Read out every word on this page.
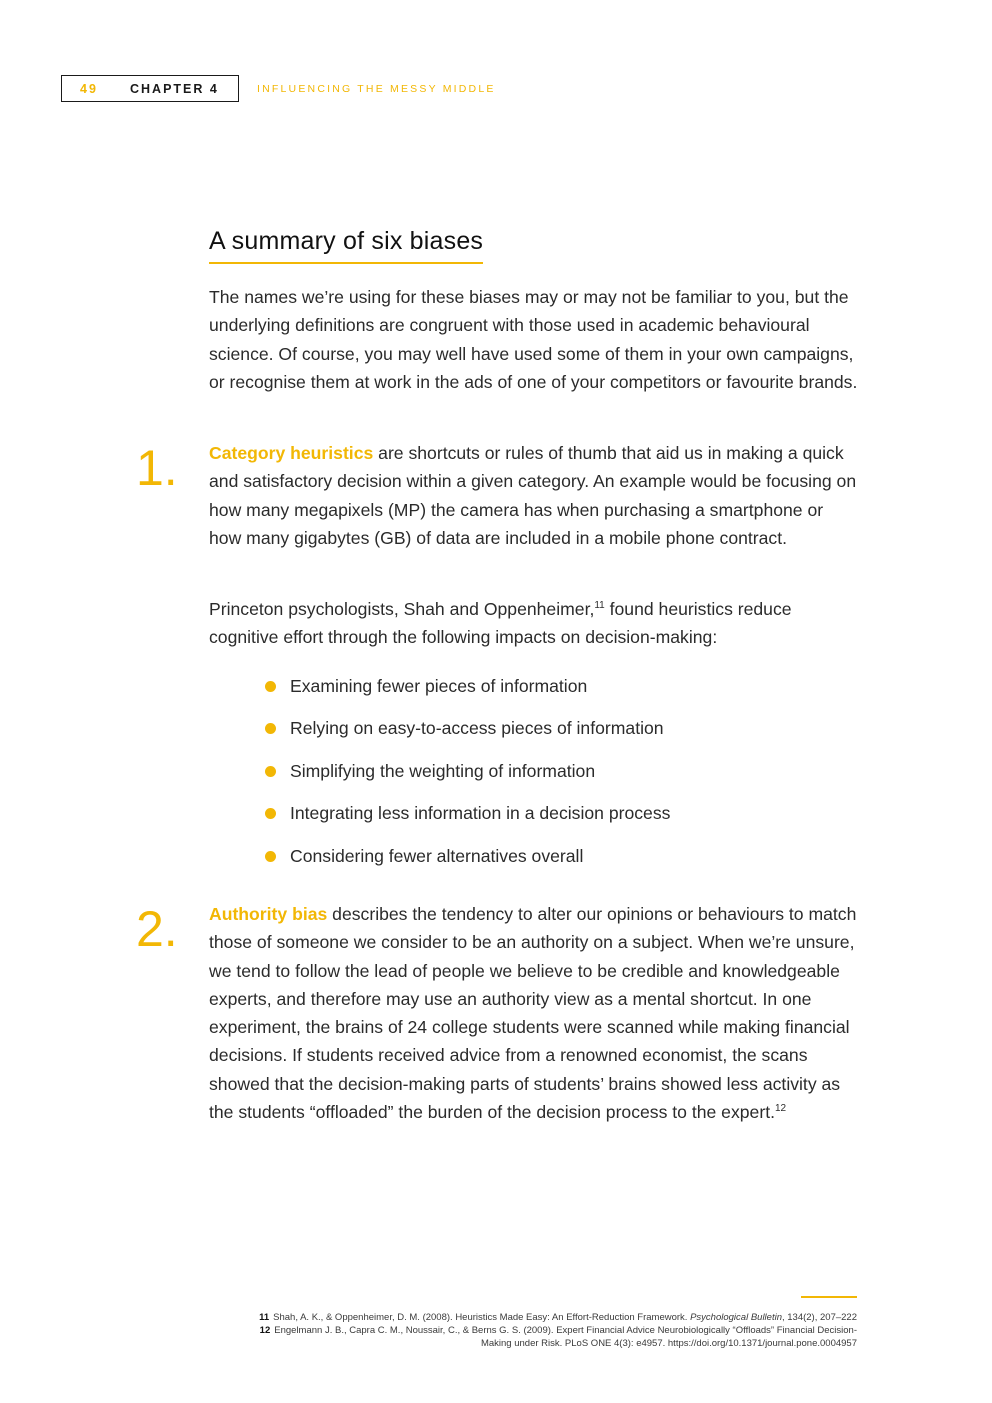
49	CHAPTER 4	INFLUENCING THE MESSY MIDDLE
A summary of six biases

The names we’re using for these biases may or may not be familiar to you, but the underlying definitions are congruent with those used in academic behavioural science. Of course, you may well have used some of them in your own campaigns, or recognise them at work in the ads of one of your competitors or favourite brands.

1. Category heuristics are shortcuts or rules of thumb that aid us in making a quick and satisfactory decision within a given category. An example would be focusing on how many megapixels (MP) the camera has when purchasing a smartphone or how many gigabytes (GB) of data are included in a mobile phone contract.

Princeton psychologists, Shah and Oppenheimer,$^{11}$ found heuristics reduce cognitive effort through the following impacts on decision-making:

Examining fewer pieces of information
Relying on easy-to-access pieces of information
Simplifying the weighting of information
Integrating less information in a decision process
Considering fewer alternatives overall
2. Authority bias describes the tendency to alter our opinions or behaviours to match those of someone we consider to be an authority on a subject. When we’re unsure, we tend to follow the lead of people we believe to be credible and knowledgeable experts, and therefore may use an authority view as a mental shortcut. In one experiment, the brains of 24 college students were scanned while making financial decisions. If students received advice from a renowned economist, the scans showed that the decision-making parts of students’ brains showed less activity as the students “offloaded” the burden of the decision process to the expert.$^{12}$

11 Shah, A. K., & Oppenheimer, D. M. (2008). Heuristics Made Easy: An Effort-Reduction Framework. Psychological Bulletin, 134(2), 207–222
12 Engelmann J. B., Capra C. M., Noussair, C., & Berns G. S. (2009). Expert Financial Advice Neurobiologically “Offloads” Financial Decision-
Making under Risk. PLoS ONE 4(3): e4957. https://doi.org/10.1371/journal.pone.0004957
